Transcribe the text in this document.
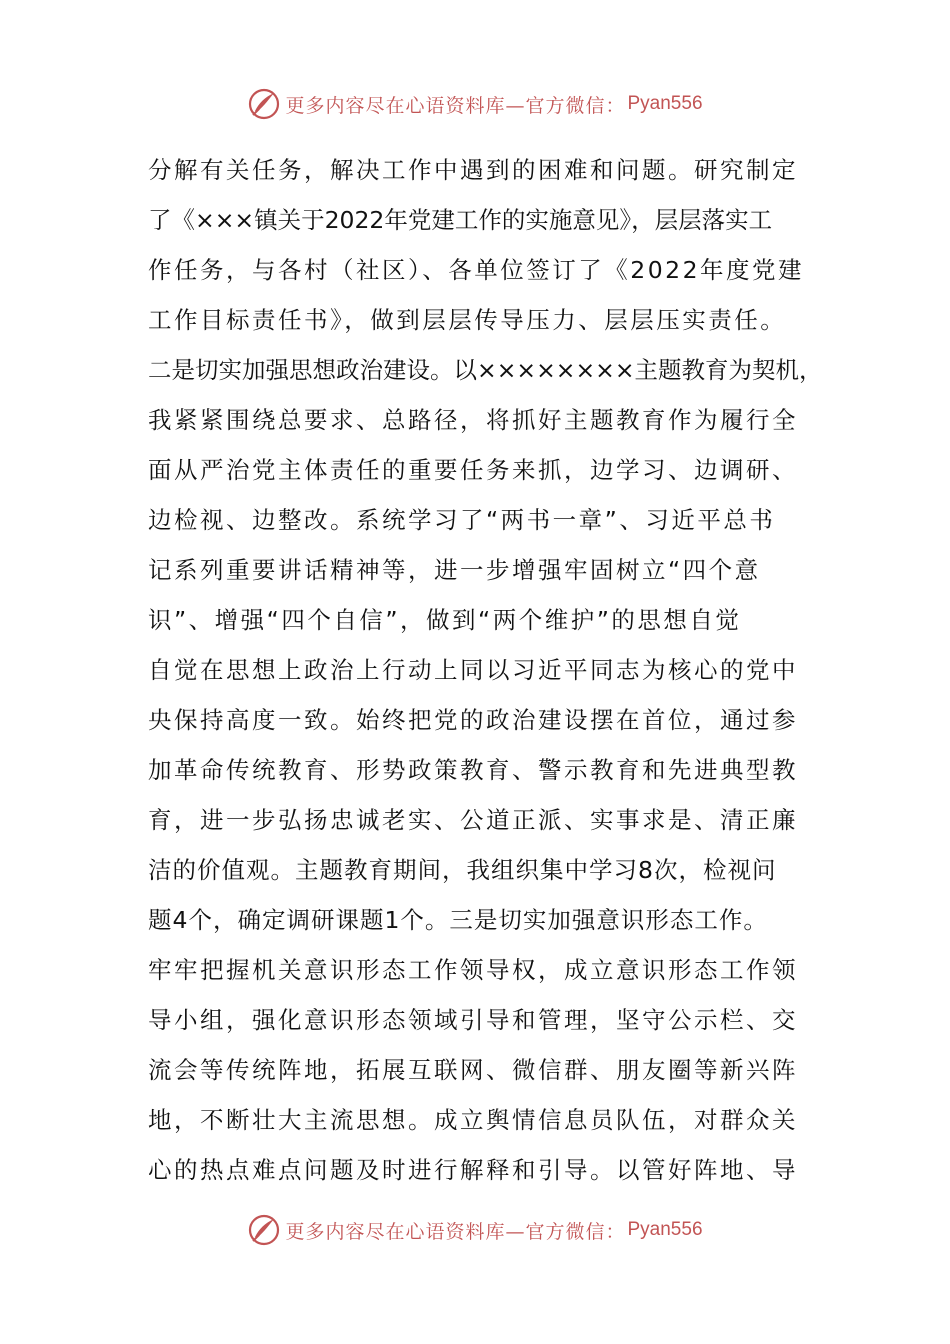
更多内容尽在心语资料库—官方微信： Pyan556
分解有关任务，解决工作中遇到的困难和问题。研究制定
了《×××镇关于2022年党建工作的实施意见》，层层落实工
作任务，与各村（社区）、各单位签订了《2022年度党建
工作目标责任书》，做到层层传导压力、层层压实责任。
二是切实加强思想政治建设。以××××××××主题教育为契机，
我紧紧围绕总要求、总路径，将抓好主题教育作为履行全
面从严治党主体责任的重要任务来抓，边学习、边调研、
边检视、边整改。系统学习了“两书一章”、习近平总书
记系列重要讲话精神等，进一步增强牢固树立“四个意
识”、增强“四个自信”，做到“两个维护”的思想自觉
自觉在思想上政治上行动上同以习近平同志为核心的党中
央保持高度一致。始终把党的政治建设摆在首位，通过参
加革命传统教育、形势政策教育、警示教育和先进典型教
育，进一步弘扬忠诚老实、公道正派、实事求是、清正廉
洁的价值观。主题教育期间，我组织集中学习8次，检视问
题4个，确定调研课题1个。三是切实加强意识形态工作。
牢牢把握机关意识形态工作领导权，成立意识形态工作领
导小组，强化意识形态领域引导和管理，坚守公示栏、交
流会等传统阵地，拓展互联网、微信群、朋友圈等新兴阵
地，不断壮大主流思想。成立舆情信息员队伍，对群众关
心的热点难点问题及时进行解释和引导。以管好阵地、导
更多内容尽在心语资料库—官方微信： Pyan556
